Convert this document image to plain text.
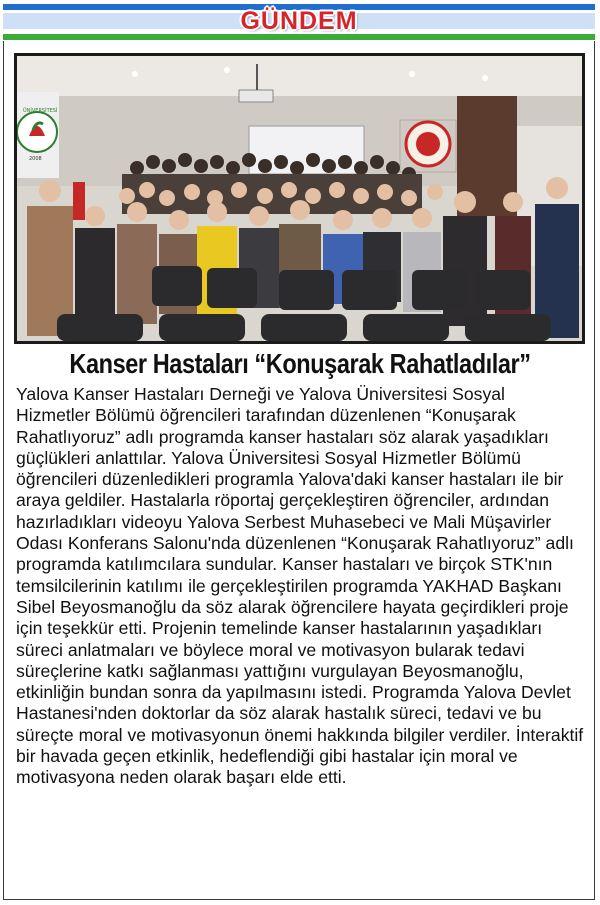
GÜNDEM
ÜNİVERSİTESİ
2008
Kanser Hastaları “Konuşarak Rahatladılar”

Yalova Kanser Hastaları Derneği ve Yalova Üniversitesi Sosyal Hizmetler Bölümü öğrencileri tarafından düzenlenen “Konuşarak Rahatlıyoruz” adlı programda kanser hastaları söz alarak yaşadıkları güçlükleri anlattılar. Yalova Üniversitesi Sosyal Hizmetler Bölümü öğrencileri düzenledikleri programla Yalova'daki kanser hastaları ile bir araya geldiler. Hastalarla röportaj gerçekleştiren öğrenciler, ardından hazırladıkları videoyu Yalova Serbest Muhasebeci ve Mali Müşavirler Odası Konferans Salonu'nda düzenlenen “Konuşarak Rahatlıyoruz” adlı programda katılımcılara sundular. Kanser hastaları ve birçok STK'nın temsilcilerinin katılımı ile gerçekleştirilen programda YAKHAD Başkanı Sibel Beyosmanoğlu da söz alarak öğrencilere hayata geçirdikleri proje için teşekkür etti. Projenin temelinde kanser hastalarının yaşadıkları süreci anlatmaları ve böylece moral ve motivasyon bularak tedavi süreçlerine katkı sağlanması yattığını vurgulayan Beyosmanoğlu, etkinliğin bundan sonra da yapılmasını istedi. Programda Yalova Devlet Hastanesi'nden doktorlar da söz alarak hastalık süreci, tedavi ve bu süreçte moral ve motivasyonun önemi hakkında bilgiler verdiler. İnteraktif bir havada geçen etkinlik, hedeflendiği gibi hastalar için moral ve motivasyona neden olarak başarı elde etti.
